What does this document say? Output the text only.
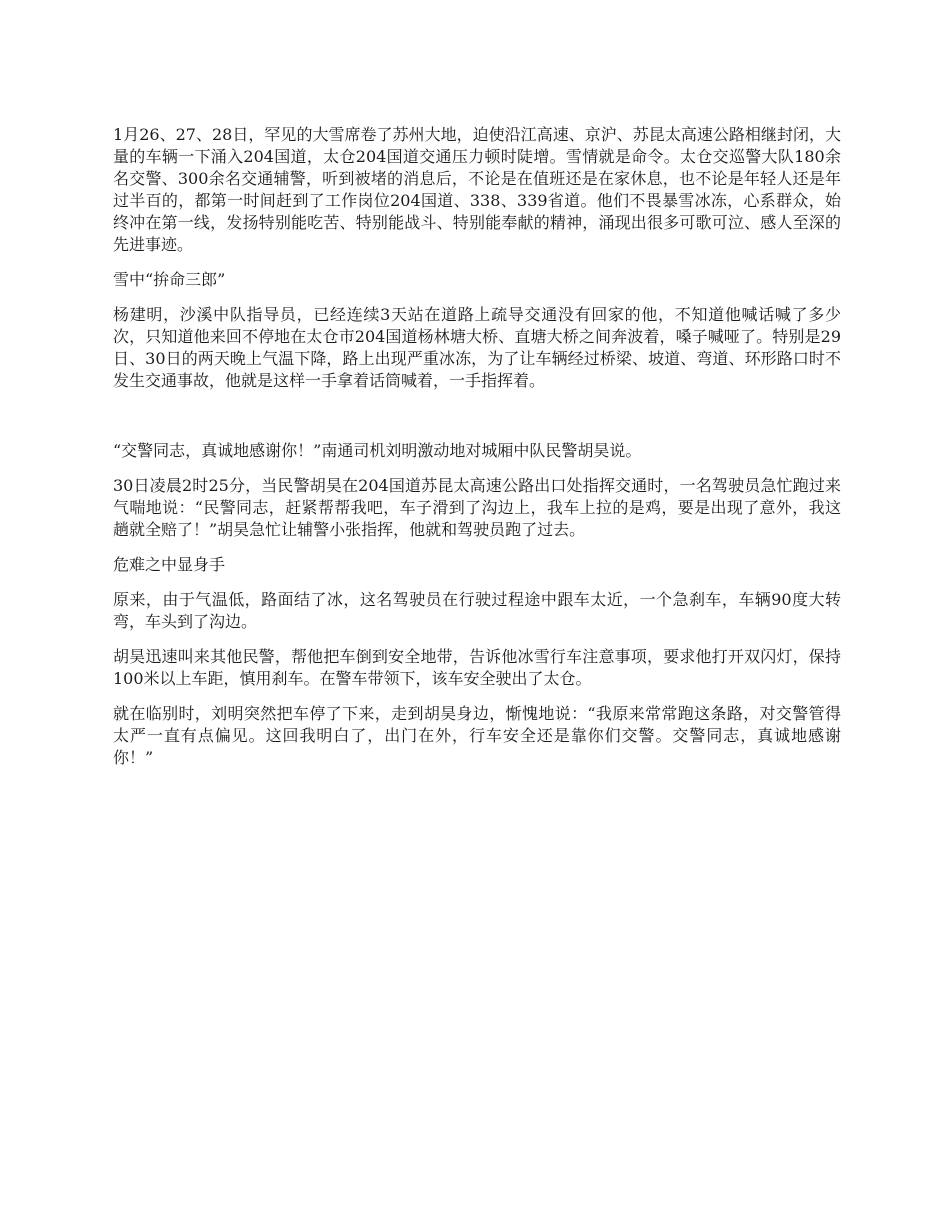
1月26、27、28日，罕见的大雪席卷了苏州大地，迫使沿江高速、京沪、苏昆太高速公路相继封闭，大量的车辆一下涌入204国道，太仓204国道交通压力顿时陡增。雪情就是命令。太仓交巡警大队180余名交警、300余名交通辅警，听到被堵的消息后，不论是在值班还是在家休息，也不论是年轻人还是年过半百的，都第一时间赶到了工作岗位204国道、338、339省道。他们不畏暴雪冰冻，心系群众，始终冲在第一线，发扬特别能吃苦、特别能战斗、特别能奉献的精神，涌现出很多可歌可泣、感人至深的先进事迹。

雪中“拚命三郎”

杨建明，沙溪中队指导员，已经连续3天站在道路上疏导交通没有回家的他，不知道他喊话喊了多少次，只知道他来回不停地在太仓市204国道杨林塘大桥、直塘大桥之间奔波着，嗓子喊哑了。特别是29日、30日的两天晚上气温下降，路上出现严重冰冻，为了让车辆经过桥梁、坡道、弯道、环形路口时不发生交通事故，他就是这样一手拿着话筒喊着，一手指挥着。

“交警同志，真诚地感谢你！”南通司机刘明激动地对城厢中队民警胡昊说。

30日凌晨2时25分，当民警胡昊在204国道苏昆太高速公路出口处指挥交通时，一名驾驶员急忙跑过来气喘地说：“民警同志，赶紧帮帮我吧，车子滑到了沟边上，我车上拉的是鸡，要是出现了意外，我这趟就全赔了！”胡昊急忙让辅警小张指挥，他就和驾驶员跑了过去。

危难之中显身手

原来，由于气温低，路面结了冰，这名驾驶员在行驶过程途中跟车太近，一个急刹车，车辆90度大转弯，车头到了沟边。

胡昊迅速叫来其他民警，帮他把车倒到安全地带，告诉他冰雪行车注意事项，要求他打开双闪灯，保持100米以上车距，慎用刹车。在警车带领下，该车安全驶出了太仓。

就在临别时，刘明突然把车停了下来，走到胡昊身边，惭愧地说：“我原来常常跑这条路，对交警管得太严一直有点偏见。这回我明白了，出门在外，行车安全还是靠你们交警。交警同志，真诚地感谢你！”
